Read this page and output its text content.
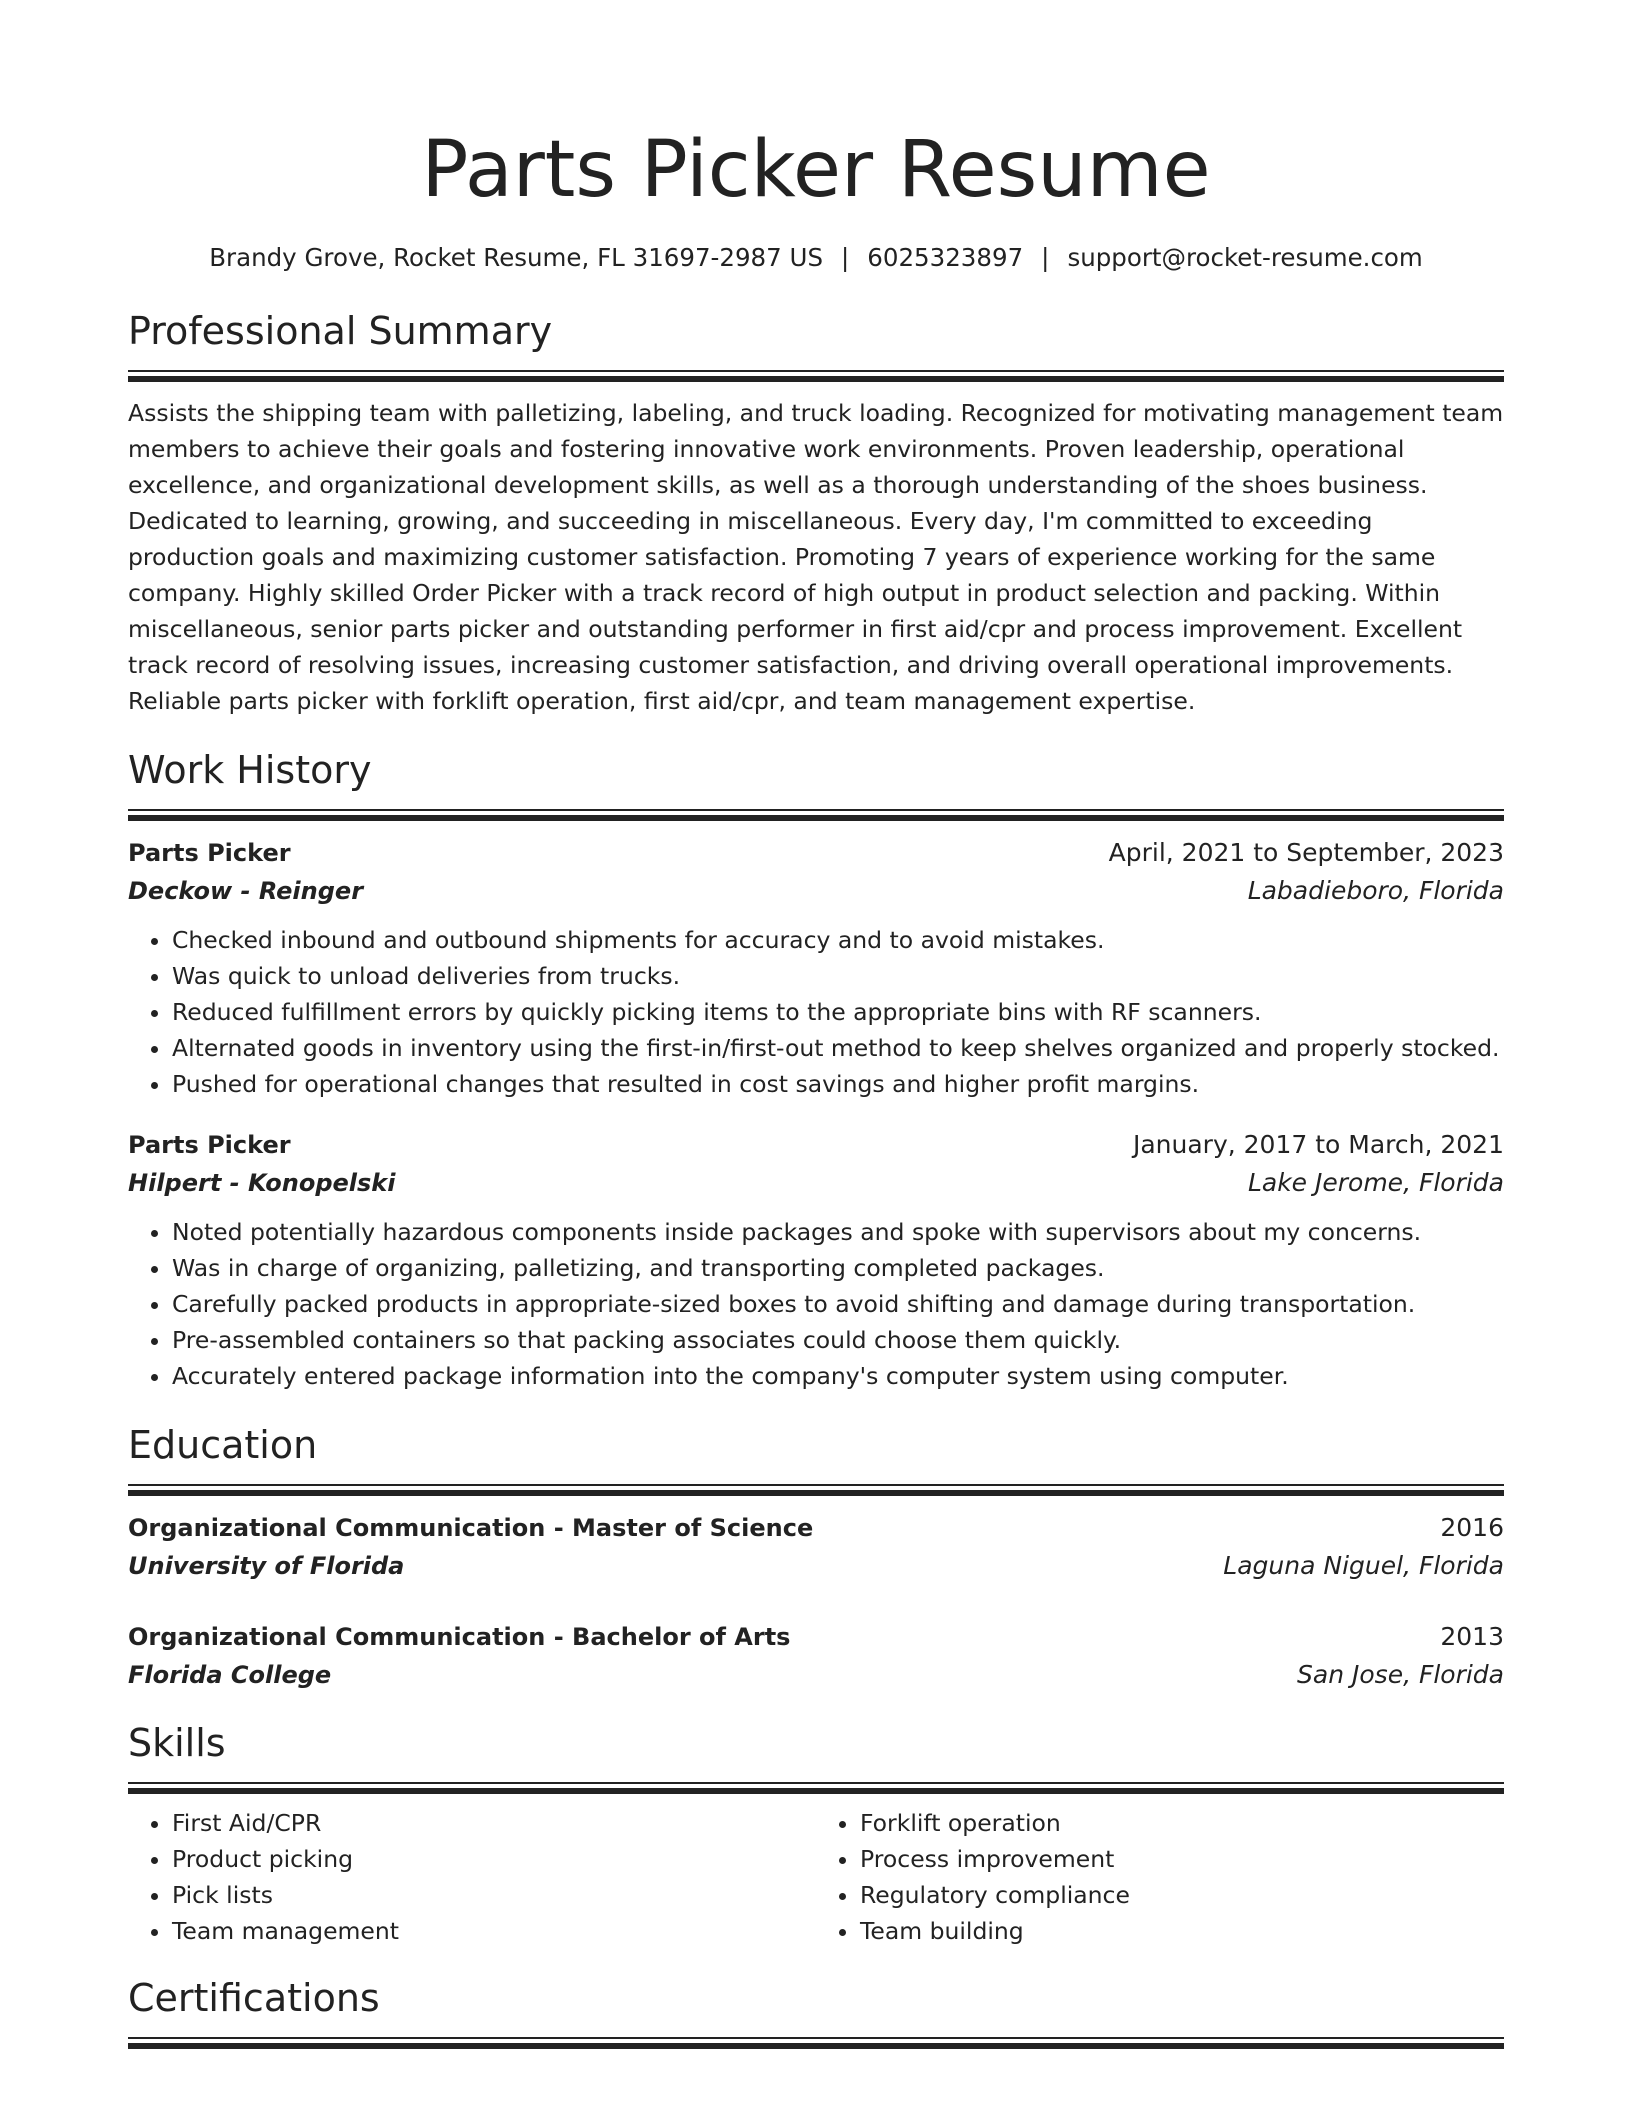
Parts Picker Resume
Brandy Grove, Rocket Resume, FL 31697-2987 US | 6025323897 | support@rocket-resume.com
Professional Summary
Assists the shipping team with palletizing, labeling, and truck loading. Recognized for motivating management team members to achieve their goals and fostering innovative work environments. Proven leadership, operational excellence, and organizational development skills, as well as a thorough understanding of the shoes business. Dedicated to learning, growing, and succeeding in miscellaneous. Every day, I'm committed to exceeding production goals and maximizing customer satisfaction. Promoting 7 years of experience working for the same company. Highly skilled Order Picker with a track record of high output in product selection and packing. Within miscellaneous, senior parts picker and outstanding performer in first aid/cpr and process improvement. Excellent track record of resolving issues, increasing customer satisfaction, and driving overall operational improvements. Reliable parts picker with forklift operation, first aid/cpr, and team management expertise.
Work History
Parts Picker	April, 2021 to September, 2023
Deckow - Reinger	Labadieboro, Florida
• Checked inbound and outbound shipments for accuracy and to avoid mistakes.
• Was quick to unload deliveries from trucks.
• Reduced fulfillment errors by quickly picking items to the appropriate bins with RF scanners.
• Alternated goods in inventory using the first-in/first-out method to keep shelves organized and properly stocked.
• Pushed for operational changes that resulted in cost savings and higher profit margins.
Parts Picker	January, 2017 to March, 2021
Hilpert - Konopelski	Lake Jerome, Florida
• Noted potentially hazardous components inside packages and spoke with supervisors about my concerns.
• Was in charge of organizing, palletizing, and transporting completed packages.
• Carefully packed products in appropriate-sized boxes to avoid shifting and damage during transportation.
• Pre-assembled containers so that packing associates could choose them quickly.
• Accurately entered package information into the company's computer system using computer.
Education
Organizational Communication - Master of Science	2016
University of Florida	Laguna Niguel, Florida
Organizational Communication - Bachelor of Arts	2013
Florida College	San Jose, Florida
Skills
• First Aid/CPR
• Product picking
• Pick lists
• Team management
• Forklift operation
• Process improvement
• Regulatory compliance
• Team building
Certifications
